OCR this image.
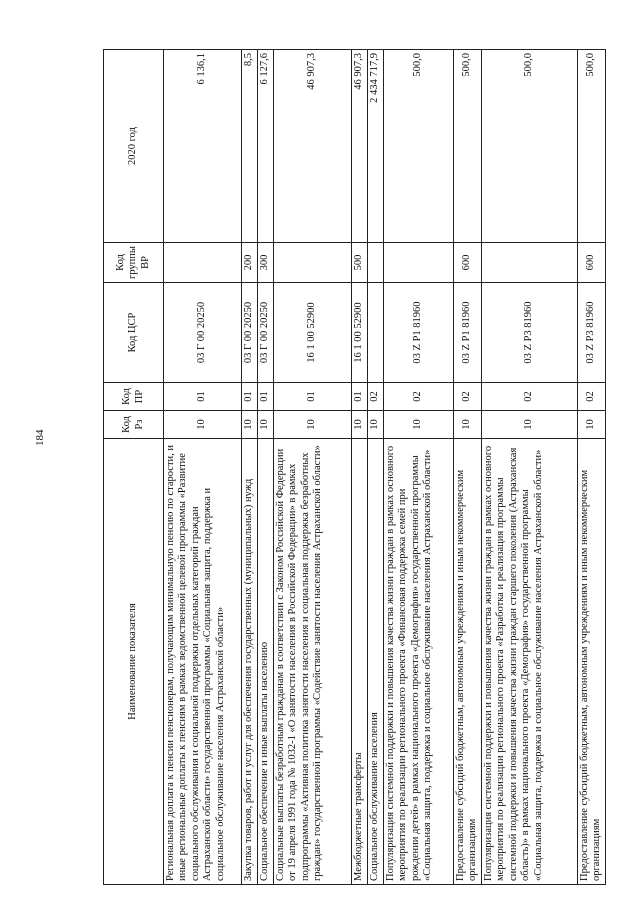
184
Наименование показателя	Код Рз	Код ПР	Код ЦСР	Код группы ВР	2020 год
Региональная доплата к пенсии пенсионерам, получающим минимальную пенсию по старости, и иные региональные доплаты к пенсиям в рамках ведомственной целевой программы «Развитие социального обслуживания и социальной поддержки отдельных категорий граждан Астраханской области» государственной программы «Социальная защита, поддержка и социальное обслуживание населения Астраханской области»	10	01	03 Г 00 20250		6 136,1
Закупка товаров, работ и услуг для обеспечения государственных (муниципальных) нужд	10	01	03 Г 00 20250	200	8,5
Социальное обеспечение и иные выплаты населению	10	01	03 Г 00 20250	300	6 127,6
Социальные выплаты безработным гражданам в соответствии с Законом Российской Федерации от 19 апреля 1991 года № 1032-1 «О занятости населения в Российской Федерации» в рамках подпрограммы «Активная политика занятости населения и социальная поддержка безработных граждан» государственной программы «Содействие занятости населения Астраханской области»	10	01	16 1 00 52900		46 907,3
Межбюджетные трансферты	10	01	16 1 00 52900	500	46 907,3
Социальное обслуживание населения	10	02			2 434 717,9
Популяризация системной поддержки и повышения качества жизни граждан в рамках основного мероприятия по реализации регионального проекта «Финансовая поддержка семей при рождении детей» в рамках национального проекта «Демография» государственной программы «Социальная защита, поддержка и социальное обслуживание населения Астраханской области»	10	02	03 Z P1 81960		500,0
Предоставление субсидий бюджетным, автономным учреждениям и иным некоммерческим организациям	10	02	03 Z P1 81960	600	500,0
Популяризация системной поддержки и повышения качества жизни граждан в рамках основного мероприятия по реализации регионального проекта «Разработка и реализация программы системной поддержки и повышения качества жизни граждан старшего поколения (Астраханская область)» в рамках национального проекта «Демография» государственной программы «Социальная защита, поддержка и социальное обслуживание населения Астраханской области»	10	02	03 Z P3 81960		500,0
Предоставление субсидий бюджетным, автономным учреждениям и иным некоммерческим организациям	10	02	03 Z P3 81960	600	500,0
